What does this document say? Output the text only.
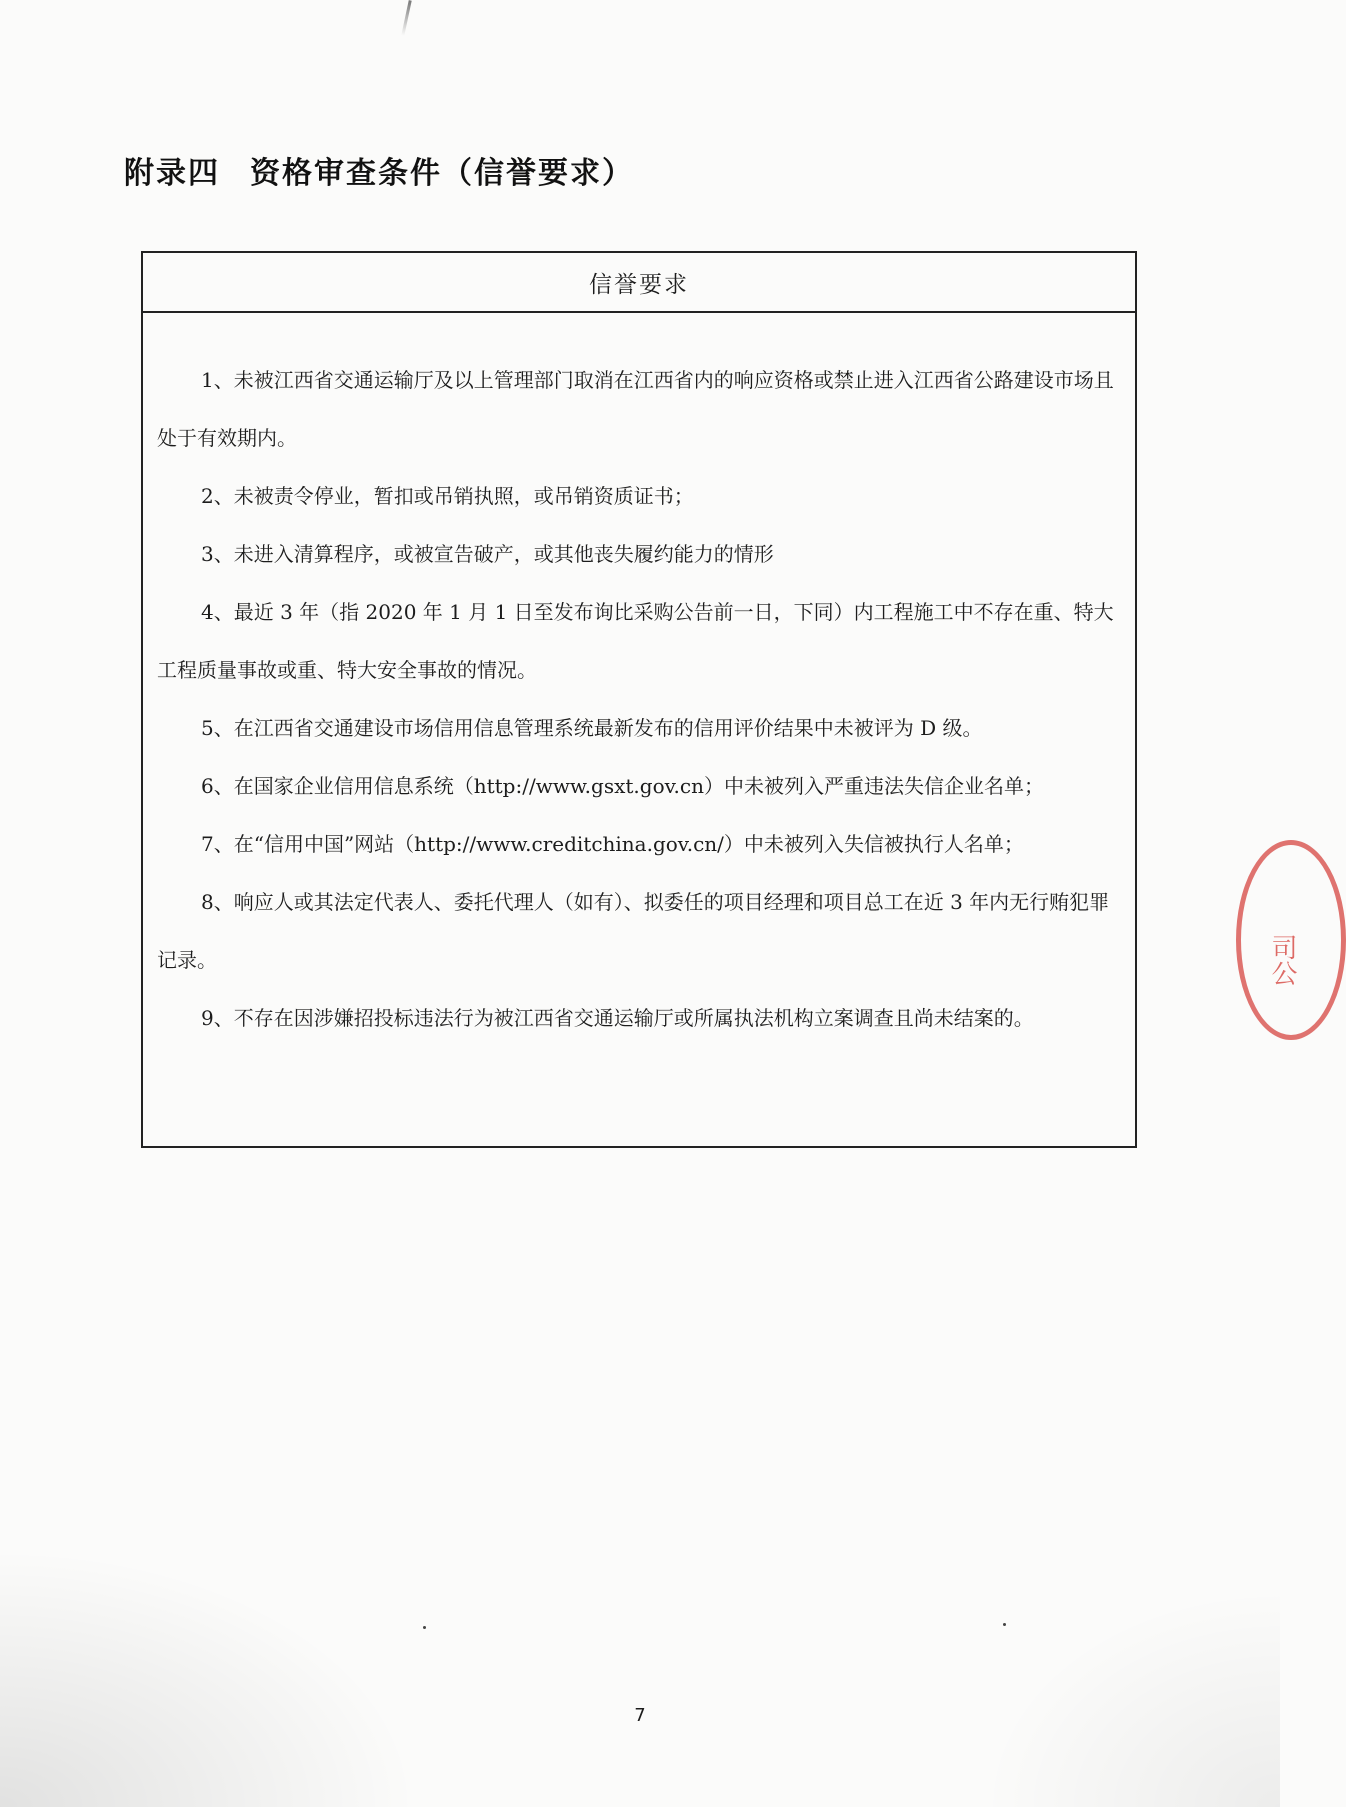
附录四 资格审查条件（信誉要求）
信誉要求

1、未被江西省交通运输厅及以上管理部门取消在江西省内的响应资格或禁止进入江西省公路建设市场且处于有效期内。

2、未被责令停业，暂扣或吊销执照，或吊销资质证书；

3、未进入清算程序，或被宣告破产，或其他丧失履约能力的情形

4、最近 3 年（指 2020 年 1 月 1 日至发布询比采购公告前一日，下同）内工程施工中不存在重、特大工程质量事故或重、特大安全事故的情况。

5、在江西省交通建设市场信用信息管理系统最新发布的信用评价结果中未被评为 D 级。

6、在国家企业信用信息系统（http://www.gsxt.gov.cn）中未被列入严重违法失信企业名单；

7、在“信用中国”网站（http://www.creditchina.gov.cn/）中未被列入失信被执行人名单；

8、响应人或其法定代表人、委托代理人（如有）、拟委任的项目经理和项目总工在近 3 年内无行贿犯罪记录。

9、不存在因涉嫌招投标违法行为被江西省交通运输厅或所属执法机构立案调查且尚未结案的。

司公
7
